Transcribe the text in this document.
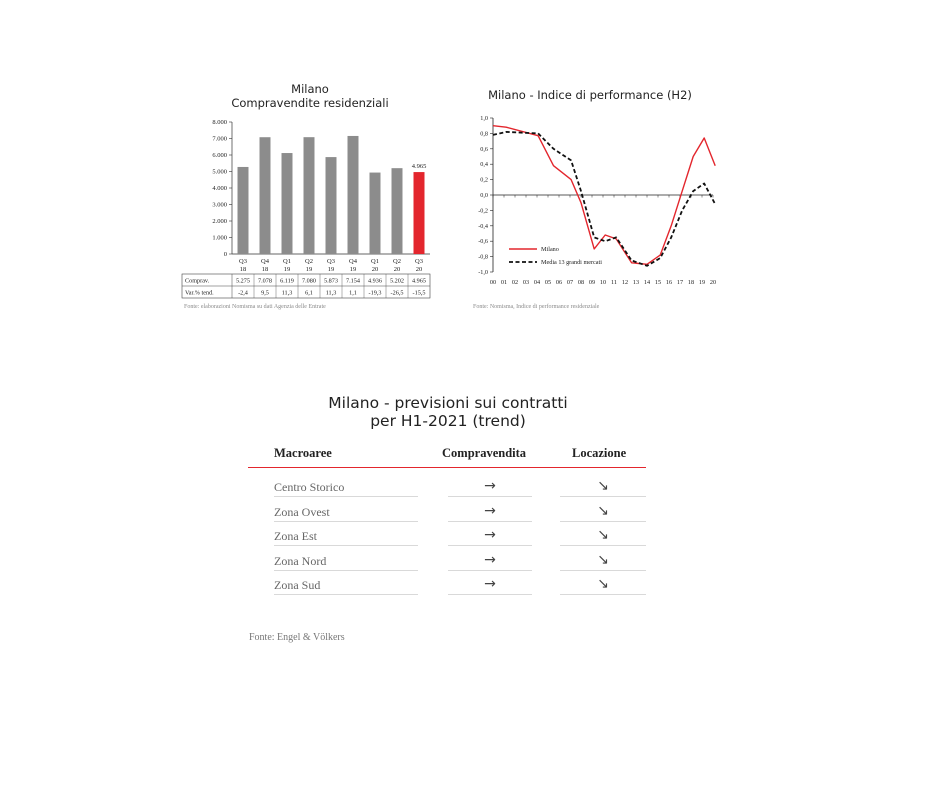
Milano
Compravendite residenziali
0
1.000
2.000
3.000
4.000
5.000
6.000
7.000
8.000
Q3
18
Q4
18
Q1
19
Q2
19
Q3
19
Q4
19
Q1
20
Q2
20
Q3
20
4.965
Comprav.	5.275 7.078 6.119 7.080 5.873 7.154 4.936 5.202 4.965
Var.% tend.	-2,4 9,5 11,3 6,1 11,3 1,1 -19,3 -26,5 -15,5
Fonte: elaborazioni Nomisma su dati Agenzia delle Entrate
Milano - Indice di performance (H2)
1,0
0,8
0,6
0,4
0,2
0,0
-0,2
-0,4
-0,6
-0,8
-1,0
00 01 02 03 04 05 06 07 08 09 10 11 12 13 14 15 16 17 18 19 20
Milano
Media 13 grandi mercati
Fonte: Nomisma, Indice di performance residenziale
Milano - previsioni sui contratti
per H1-2021 (trend)
Macroaree	Compravendita	Locazione
Centro Storico	→	↘
Zona Ovest	→	↘
Zona Est	→	↘
Zona Nord	→	↘
Zona Sud	→	↘
Fonte: Engel & Völkers
